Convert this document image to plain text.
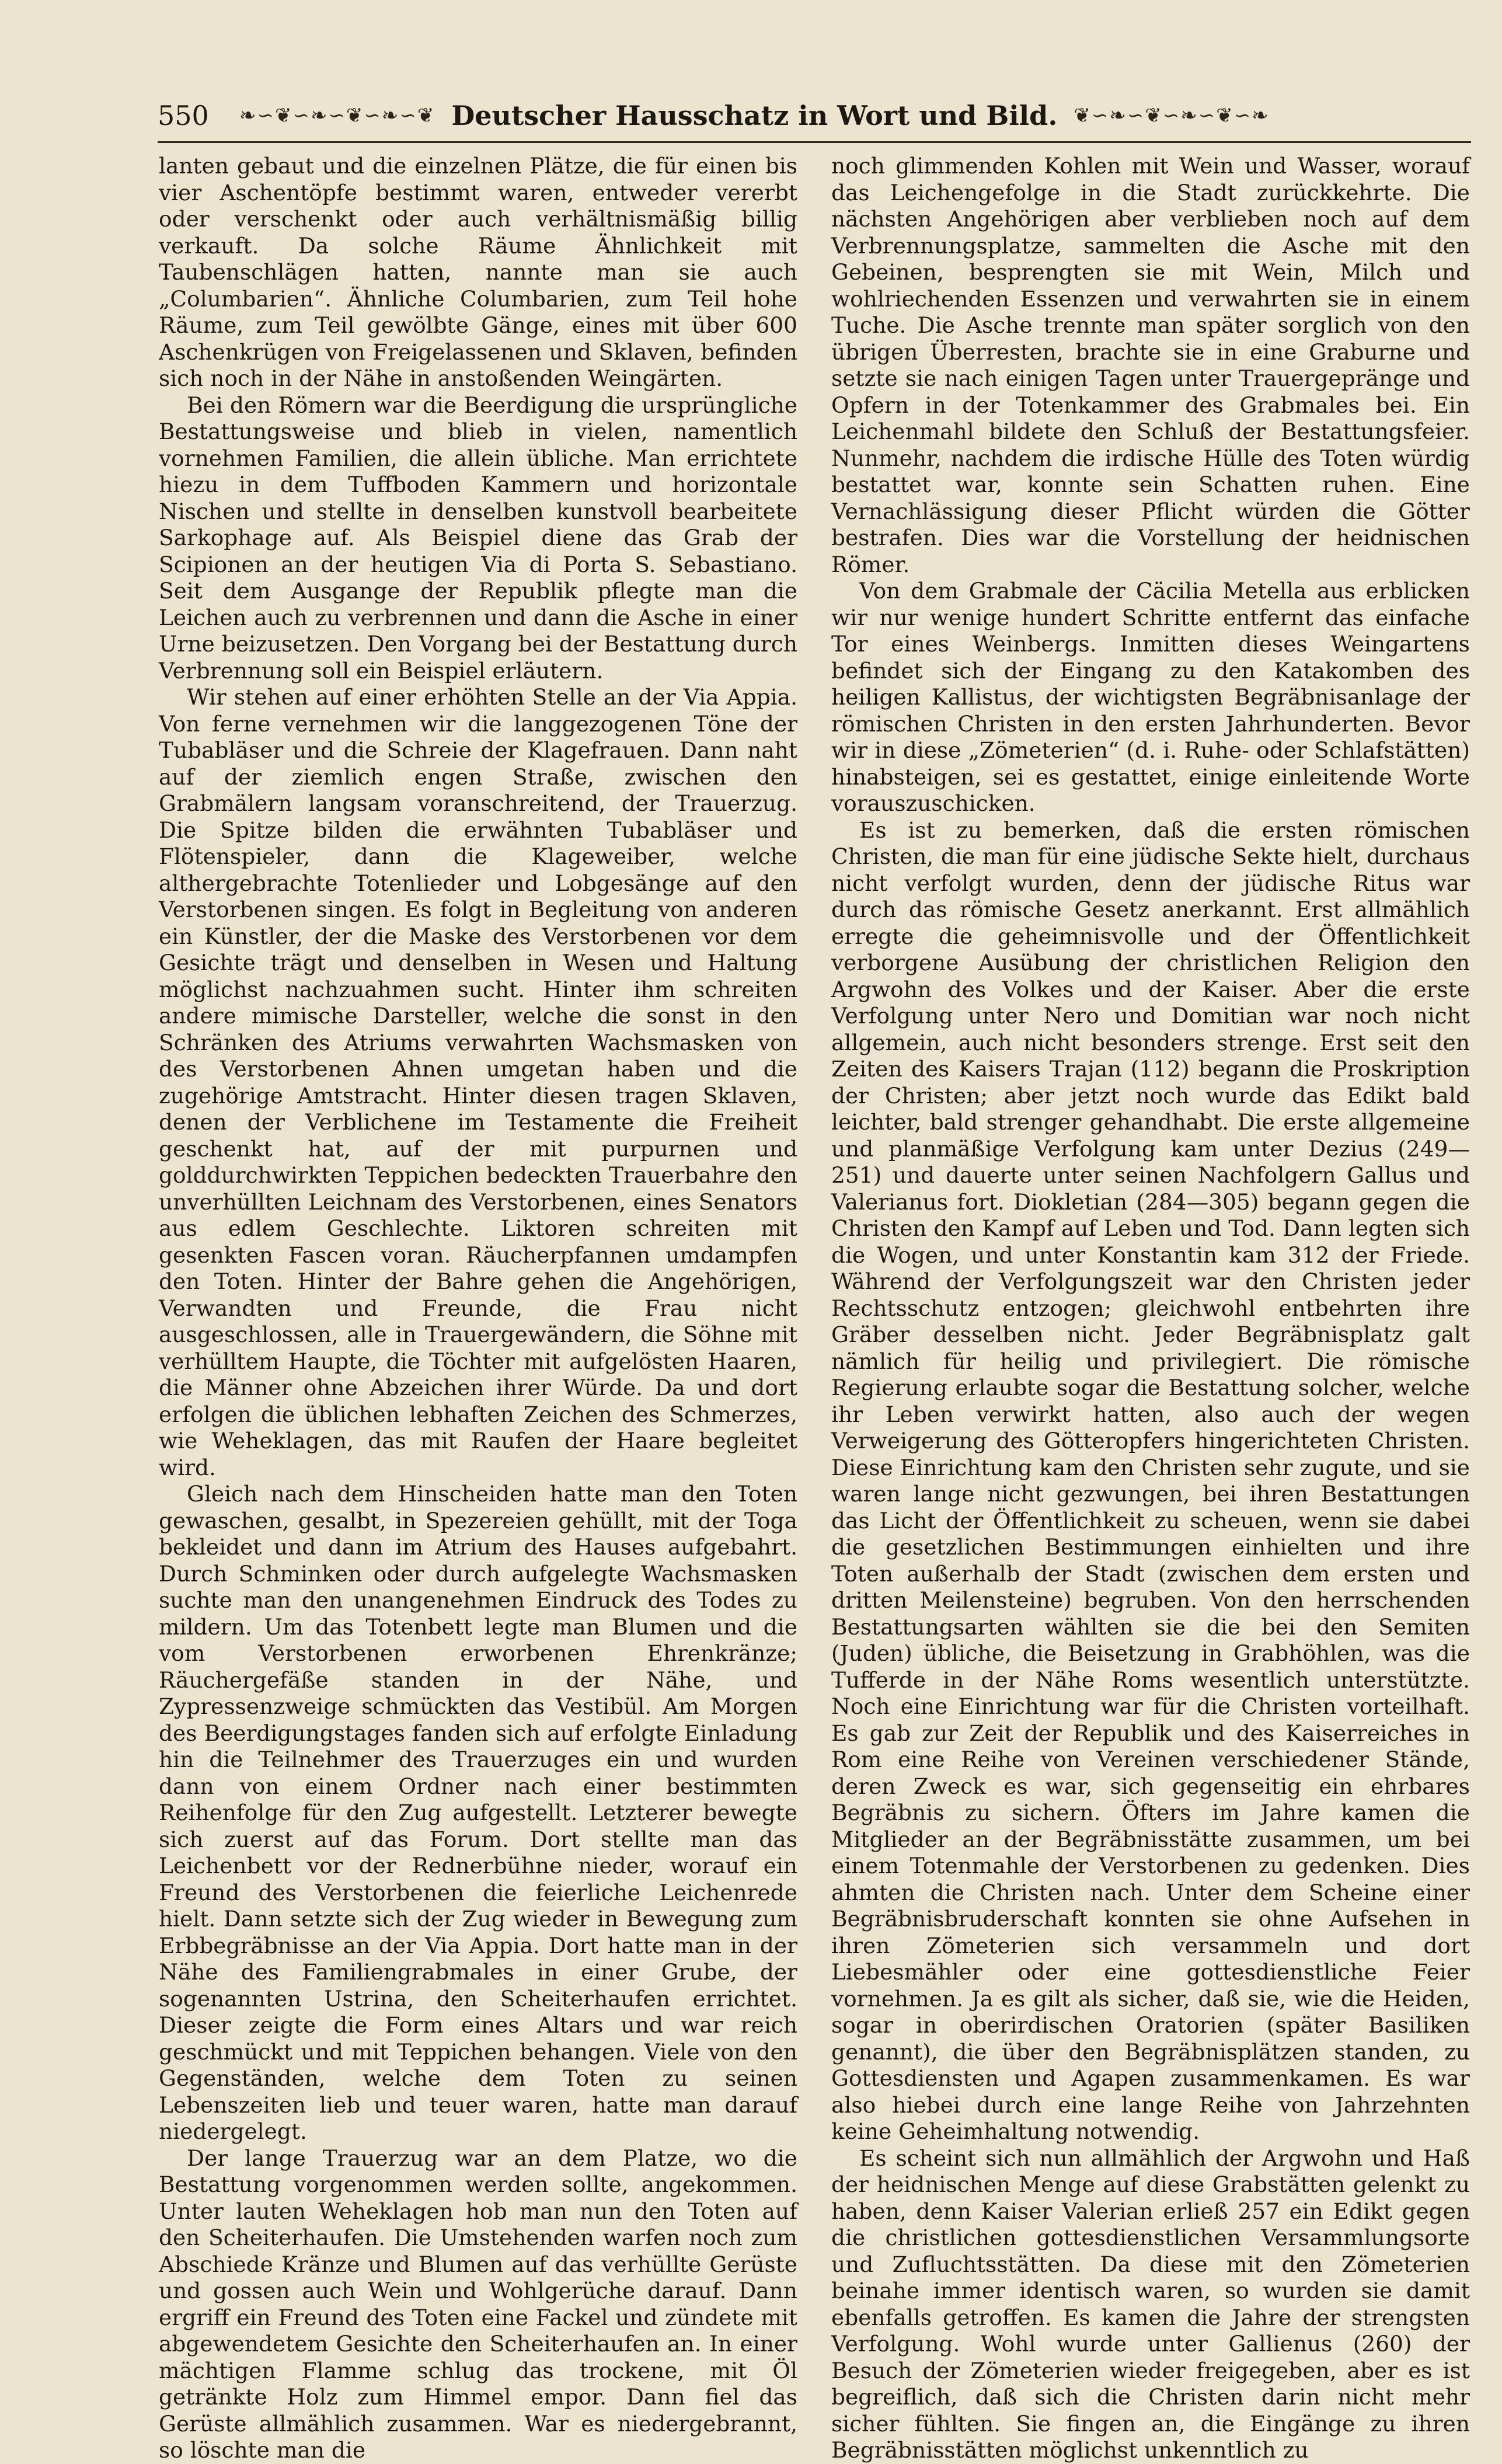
550	❧∽❦∽❧∽❦∽❧∽❦ Deutscher Hausschatz in Wort und Bild. ❦∽❧∽❦∽❧∽❦∽❧

lanten gebaut und die einzelnen Plätze, die für einen bis vier Aschentöpfe bestimmt waren, entweder vererbt oder verschenkt oder auch verhältnismäßig billig verkauft. Da solche Räume Ähnlichkeit mit Taubenschlägen hatten, nannte man sie auch „Columbarien“. Ähnliche Columbarien, zum Teil hohe Räume, zum Teil gewölbte Gänge, eines mit über 600 Aschenkrügen von Freigelassenen und Sklaven, befinden sich noch in der Nähe in anstoßenden Weingärten.

Bei den Römern war die Beerdigung die ursprüngliche Bestattungsweise und blieb in vielen, namentlich vornehmen Familien, die allein übliche. Man errichtete hiezu in dem Tuffboden Kammern und horizontale Nischen und stellte in denselben kunstvoll bearbeitete Sarkophage auf. Als Beispiel diene das Grab der Scipionen an der heutigen Via di Porta S. Sebastiano. Seit dem Ausgange der Republik pflegte man die Leichen auch zu verbrennen und dann die Asche in einer Urne beizusetzen. Den Vorgang bei der Bestattung durch Verbrennung soll ein Beispiel erläutern.

Wir stehen auf einer erhöhten Stelle an der Via Appia. Von ferne vernehmen wir die langgezogenen Töne der Tubabläser und die Schreie der Klagefrauen. Dann naht auf der ziemlich engen Straße, zwischen den Grabmälern langsam voranschreitend, der Trauerzug. Die Spitze bilden die erwähnten Tubabläser und Flötenspieler, dann die Klageweiber, welche althergebrachte Totenlieder und Lobgesänge auf den Verstorbenen singen. Es folgt in Begleitung von anderen ein Künstler, der die Maske des Verstorbenen vor dem Gesichte trägt und denselben in Wesen und Haltung möglichst nachzuahmen sucht. Hinter ihm schreiten andere mimische Darsteller, welche die sonst in den Schränken des Atriums verwahrten Wachsmasken von des Verstorbenen Ahnen umgetan haben und die zugehörige Amtstracht. Hinter diesen tragen Sklaven, denen der Verblichene im Testamente die Freiheit geschenkt hat, auf der mit purpurnen und golddurchwirkten Teppichen bedeckten Trauerbahre den unverhüllten Leichnam des Verstorbenen, eines Senators aus edlem Geschlechte. Liktoren schreiten mit gesenkten Fascen voran. Räucherpfannen umdampfen den Toten. Hinter der Bahre gehen die Angehörigen, Verwandten und Freunde, die Frau nicht ausgeschlossen, alle in Trauergewändern, die Söhne mit verhülltem Haupte, die Töchter mit aufgelösten Haaren, die Männer ohne Abzeichen ihrer Würde. Da und dort erfolgen die üblichen lebhaften Zeichen des Schmerzes, wie Weheklagen, das mit Raufen der Haare begleitet wird.

Gleich nach dem Hinscheiden hatte man den Toten gewaschen, gesalbt, in Spezereien gehüllt, mit der Toga bekleidet und dann im Atrium des Hauses aufgebahrt. Durch Schminken oder durch aufgelegte Wachsmasken suchte man den unangenehmen Eindruck des Todes zu mildern. Um das Totenbett legte man Blumen und die vom Verstorbenen erworbenen Ehrenkränze; Räuchergefäße standen in der Nähe, und Zypressenzweige schmückten das Vestibül. Am Morgen des Beerdigungstages fanden sich auf erfolgte Einladung hin die Teilnehmer des Trauerzuges ein und wurden dann von einem Ordner nach einer bestimmten Reihenfolge für den Zug aufgestellt. Letzterer bewegte sich zuerst auf das Forum. Dort stellte man das Leichenbett vor der Rednerbühne nieder, worauf ein Freund des Verstorbenen die feierliche Leichenrede hielt. Dann setzte sich der Zug wieder in Bewegung zum Erbbegräbnisse an der Via Appia. Dort hatte man in der Nähe des Familiengrabmales in einer Grube, der sogenannten Ustrina, den Scheiterhaufen errichtet. Dieser zeigte die Form eines Altars und war reich geschmückt und mit Teppichen behangen. Viele von den Gegenständen, welche dem Toten zu seinen Lebenszeiten lieb und teuer waren, hatte man darauf niedergelegt.

Der lange Trauerzug war an dem Platze, wo die Bestattung vorgenommen werden sollte, angekommen. Unter lauten Weheklagen hob man nun den Toten auf den Scheiterhaufen. Die Umstehenden warfen noch zum Abschiede Kränze und Blumen auf das verhüllte Gerüste und gossen auch Wein und Wohlgerüche darauf. Dann ergriff ein Freund des Toten eine Fackel und zündete mit abgewendetem Gesichte den Scheiterhaufen an. In einer mächtigen Flamme schlug das trockene, mit Öl getränkte Holz zum Himmel empor. Dann fiel das Gerüste allmählich zusammen. War es niedergebrannt, so löschte man die

noch glimmenden Kohlen mit Wein und Wasser, worauf das Leichengefolge in die Stadt zurückkehrte. Die nächsten Angehörigen aber verblieben noch auf dem Verbrennungsplatze, sammelten die Asche mit den Gebeinen, besprengten sie mit Wein, Milch und wohlriechenden Essenzen und verwahrten sie in einem Tuche. Die Asche trennte man später sorglich von den übrigen Überresten, brachte sie in eine Graburne und setzte sie nach einigen Tagen unter Trauergepränge und Opfern in der Totenkammer des Grabmales bei. Ein Leichenmahl bildete den Schluß der Bestattungsfeier. Nunmehr, nachdem die irdische Hülle des Toten würdig bestattet war, konnte sein Schatten ruhen. Eine Vernachlässigung dieser Pflicht würden die Götter bestrafen. Dies war die Vorstellung der heidnischen Römer.

Von dem Grabmale der Cäcilia Metella aus erblicken wir nur wenige hundert Schritte entfernt das einfache Tor eines Weinbergs. Inmitten dieses Weingartens befindet sich der Eingang zu den Katakomben des heiligen Kallistus, der wichtigsten Begräbnisanlage der römischen Christen in den ersten Jahrhunderten. Bevor wir in diese „Zömeterien“ (d. i. Ruhe- oder Schlafstätten) hinabsteigen, sei es gestattet, einige einleitende Worte vorauszuschicken.

Es ist zu bemerken, daß die ersten römischen Christen, die man für eine jüdische Sekte hielt, durchaus nicht verfolgt wurden, denn der jüdische Ritus war durch das römische Gesetz anerkannt. Erst allmählich erregte die geheimnisvolle und der Öffentlichkeit verborgene Ausübung der christlichen Religion den Argwohn des Volkes und der Kaiser. Aber die erste Verfolgung unter Nero und Domitian war noch nicht allgemein, auch nicht besonders strenge. Erst seit den Zeiten des Kaisers Trajan (112) begann die Proskription der Christen; aber jetzt noch wurde das Edikt bald leichter, bald strenger gehandhabt. Die erste allgemeine und planmäßige Verfolgung kam unter Dezius (249—251) und dauerte unter seinen Nachfolgern Gallus und Valerianus fort. Diokletian (284—305) begann gegen die Christen den Kampf auf Leben und Tod. Dann legten sich die Wogen, und unter Konstantin kam 312 der Friede. Während der Verfolgungszeit war den Christen jeder Rechtsschutz entzogen; gleichwohl entbehrten ihre Gräber desselben nicht. Jeder Begräbnisplatz galt nämlich für heilig und privilegiert. Die römische Regierung erlaubte sogar die Bestattung solcher, welche ihr Leben verwirkt hatten, also auch der wegen Verweigerung des Götteropfers hingerichteten Christen. Diese Einrichtung kam den Christen sehr zugute, und sie waren lange nicht gezwungen, bei ihren Bestattungen das Licht der Öffentlichkeit zu scheuen, wenn sie dabei die gesetzlichen Bestimmungen einhielten und ihre Toten außerhalb der Stadt (zwischen dem ersten und dritten Meilensteine) begruben. Von den herrschenden Bestattungsarten wählten sie die bei den Semiten (Juden) übliche, die Beisetzung in Grabhöhlen, was die Tufferde in der Nähe Roms wesentlich unterstützte. Noch eine Einrichtung war für die Christen vorteilhaft. Es gab zur Zeit der Republik und des Kaiserreiches in Rom eine Reihe von Vereinen verschiedener Stände, deren Zweck es war, sich gegenseitig ein ehrbares Begräbnis zu sichern. Öfters im Jahre kamen die Mitglieder an der Begräbnisstätte zusammen, um bei einem Totenmahle der Verstorbenen zu gedenken. Dies ahmten die Christen nach. Unter dem Scheine einer Begräbnisbruderschaft konnten sie ohne Aufsehen in ihren Zömeterien sich versammeln und dort Liebesmähler oder eine gottesdienstliche Feier vornehmen. Ja es gilt als sicher, daß sie, wie die Heiden, sogar in oberirdischen Oratorien (später Basiliken genannt), die über den Begräbnisplätzen standen, zu Gottesdiensten und Agapen zusammenkamen. Es war also hiebei durch eine lange Reihe von Jahrzehnten keine Geheimhaltung notwendig.

Es scheint sich nun allmählich der Argwohn und Haß der heidnischen Menge auf diese Grabstätten gelenkt zu haben, denn Kaiser Valerian erließ 257 ein Edikt gegen die christlichen gottesdienstlichen Versammlungsorte und Zufluchtsstätten. Da diese mit den Zömeterien beinahe immer identisch waren, so wurden sie damit ebenfalls getroffen. Es kamen die Jahre der strengsten Verfolgung. Wohl wurde unter Gallienus (260) der Besuch der Zömeterien wieder freigegeben, aber es ist begreiflich, daß sich die Christen darin nicht mehr sicher fühlten. Sie fingen an, die Eingänge zu ihren Begräbnisstätten möglichst unkenntlich zu
